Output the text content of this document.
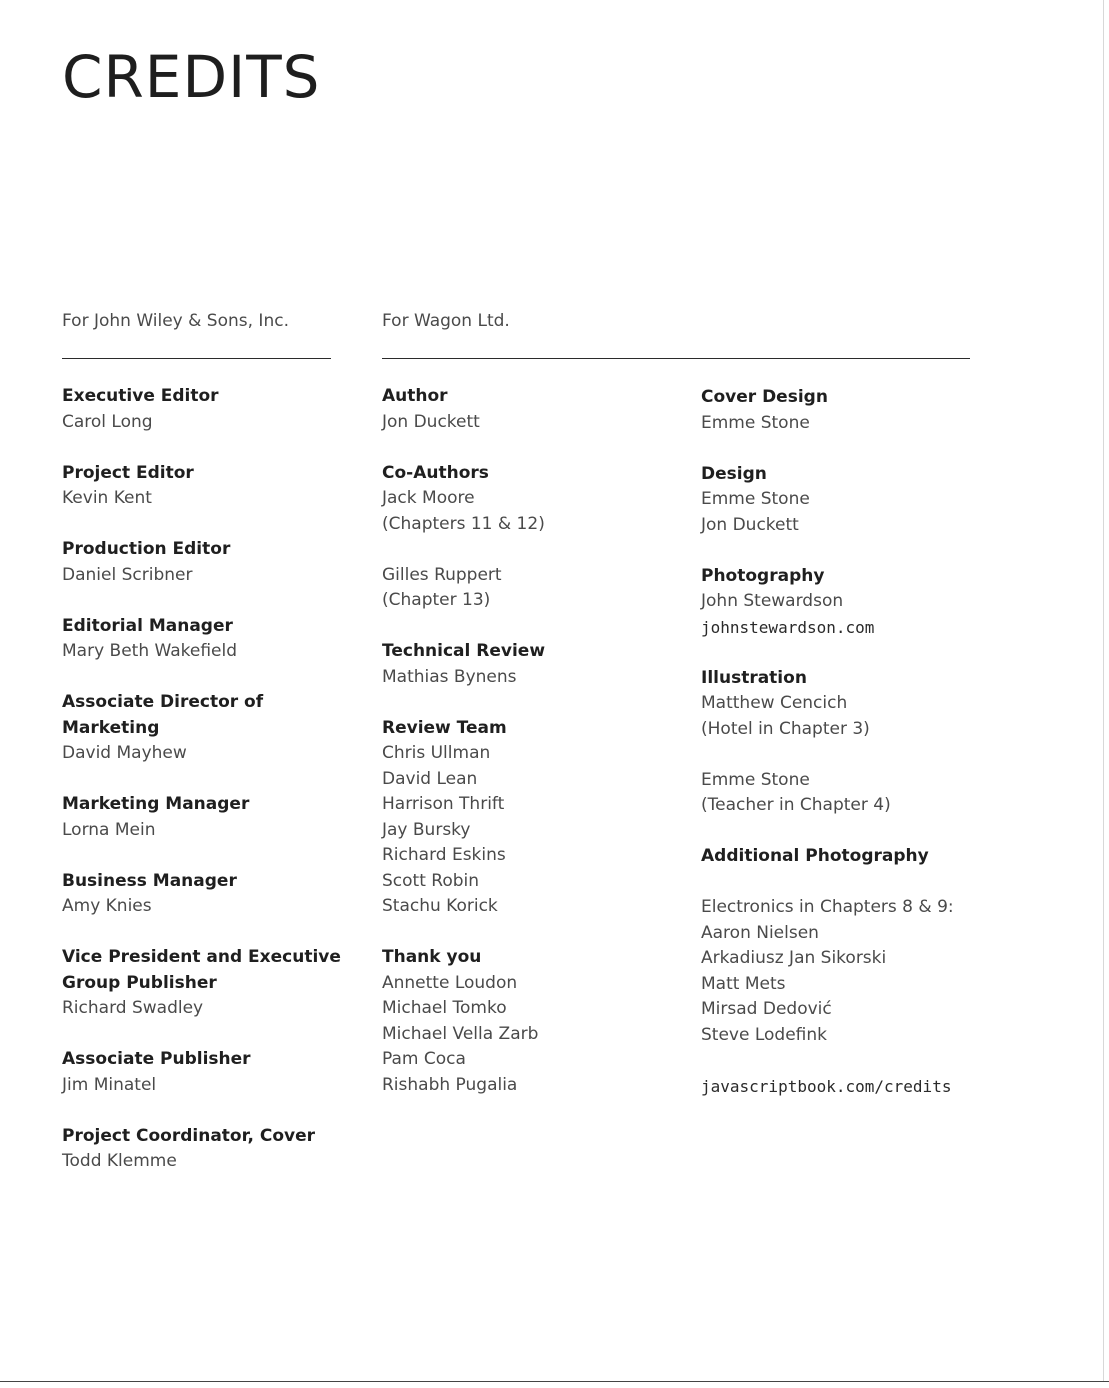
CREDITS
For John Wiley & Sons, Inc.	For Wagon Ltd.
Executive Editor
Carol Long
Project Editor
Kevin Kent
Production Editor
Daniel Scribner
Editorial Manager
Mary Beth Wakefield
Associate Director of Marketing
David Mayhew
Marketing Manager
Lorna Mein
Business Manager
Amy Knies
Vice President and Executive
Group Publisher
Richard Swadley
Associate Publisher
Jim Minatel
Project Coordinator, Cover
Todd Klemme
Author
Jon Duckett
Co-Authors
Jack Moore
(Chapters 11 & 12)
Gilles Ruppert
(Chapter 13)
Technical Review
Mathias Bynens
Review Team
Chris Ullman
David Lean
Harrison Thrift
Jay Bursky
Richard Eskins
Scott Robin
Stachu Korick
Thank you
Annette Loudon
Michael Tomko
Michael Vella Zarb
Pam Coca
Rishabh Pugalia
Cover Design
Emme Stone
Design
Emme Stone
Jon Duckett
Photography
John Stewardson
johnstewardson.com
Illustration
Matthew Cencich
(Hotel in Chapter 3)
Emme Stone
(Teacher in Chapter 4)
Additional Photography
Electronics in Chapters 8 & 9:
Aaron Nielsen
Arkadiusz Jan Sikorski
Matt Mets
Mirsad Dedović
Steve Lodefink
javascriptbook.com/credits
